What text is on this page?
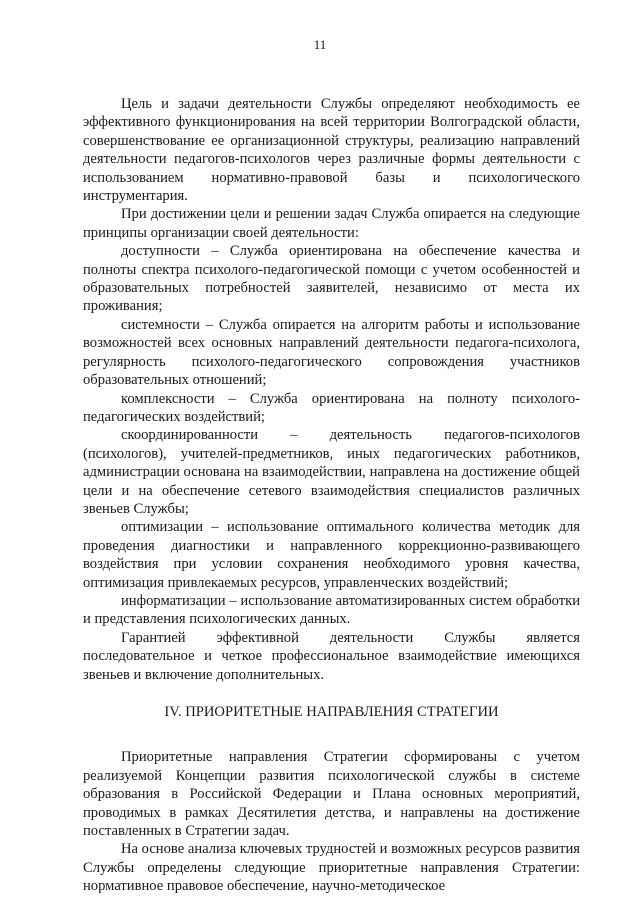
11

Цель и задачи деятельности Службы определяют необходимость ее эффективного функционирования на всей территории Волгоградской области, совершенствование ее организационной структуры, реализацию направлений деятельности педагогов-психологов через различные формы деятельности с использованием нормативно-правовой базы и психологического инструментария.

При достижении цели и решении задач Служба опирается на следующие принципы организации своей деятельности:

доступности – Служба ориентирована на обеспечение качества и полноты спектра психолого-педагогической помощи с учетом особенностей и образовательных потребностей заявителей, независимо от места их проживания;

системности – Служба опирается на алгоритм работы и использование возможностей всех основных направлений деятельности педагога-психолога, регулярность психолого-педагогического сопровождения участников образовательных отношений;

комплексности – Служба ориентирована на полноту психолого-педагогических воздействий;

скоординированности – деятельность педагогов-психологов (психологов), учителей-предметников, иных педагогических работников, администрации основана на взаимодействии, направлена на достижение общей цели и на обеспечение сетевого взаимодействия специалистов различных звеньев Службы;

оптимизации – использование оптимального количества методик для проведения диагностики и направленного коррекционно-развивающего воздействия при условии сохранения необходимого уровня качества, оптимизация привлекаемых ресурсов, управленческих воздействий;

информатизации – использование автоматизированных систем обработки и представления психологических данных.

Гарантией эффективной деятельности Службы является последовательное и четкое профессиональное взаимодействие имеющихся звеньев и включение дополнительных.

IV. ПРИОРИТЕТНЫЕ НАПРАВЛЕНИЯ СТРАТЕГИИ

Приоритетные направления Стратегии сформированы с учетом реализуемой Концепции развития психологической службы в системе образования в Российской Федерации и Плана основных мероприятий, проводимых в рамках Десятилетия детства, и направлены на достижение поставленных в Стратегии задач.

На основе анализа ключевых трудностей и возможных ресурсов развития Службы определены следующие приоритетные направления Стратегии: нормативное правовое обеспечение, научно-методическое
